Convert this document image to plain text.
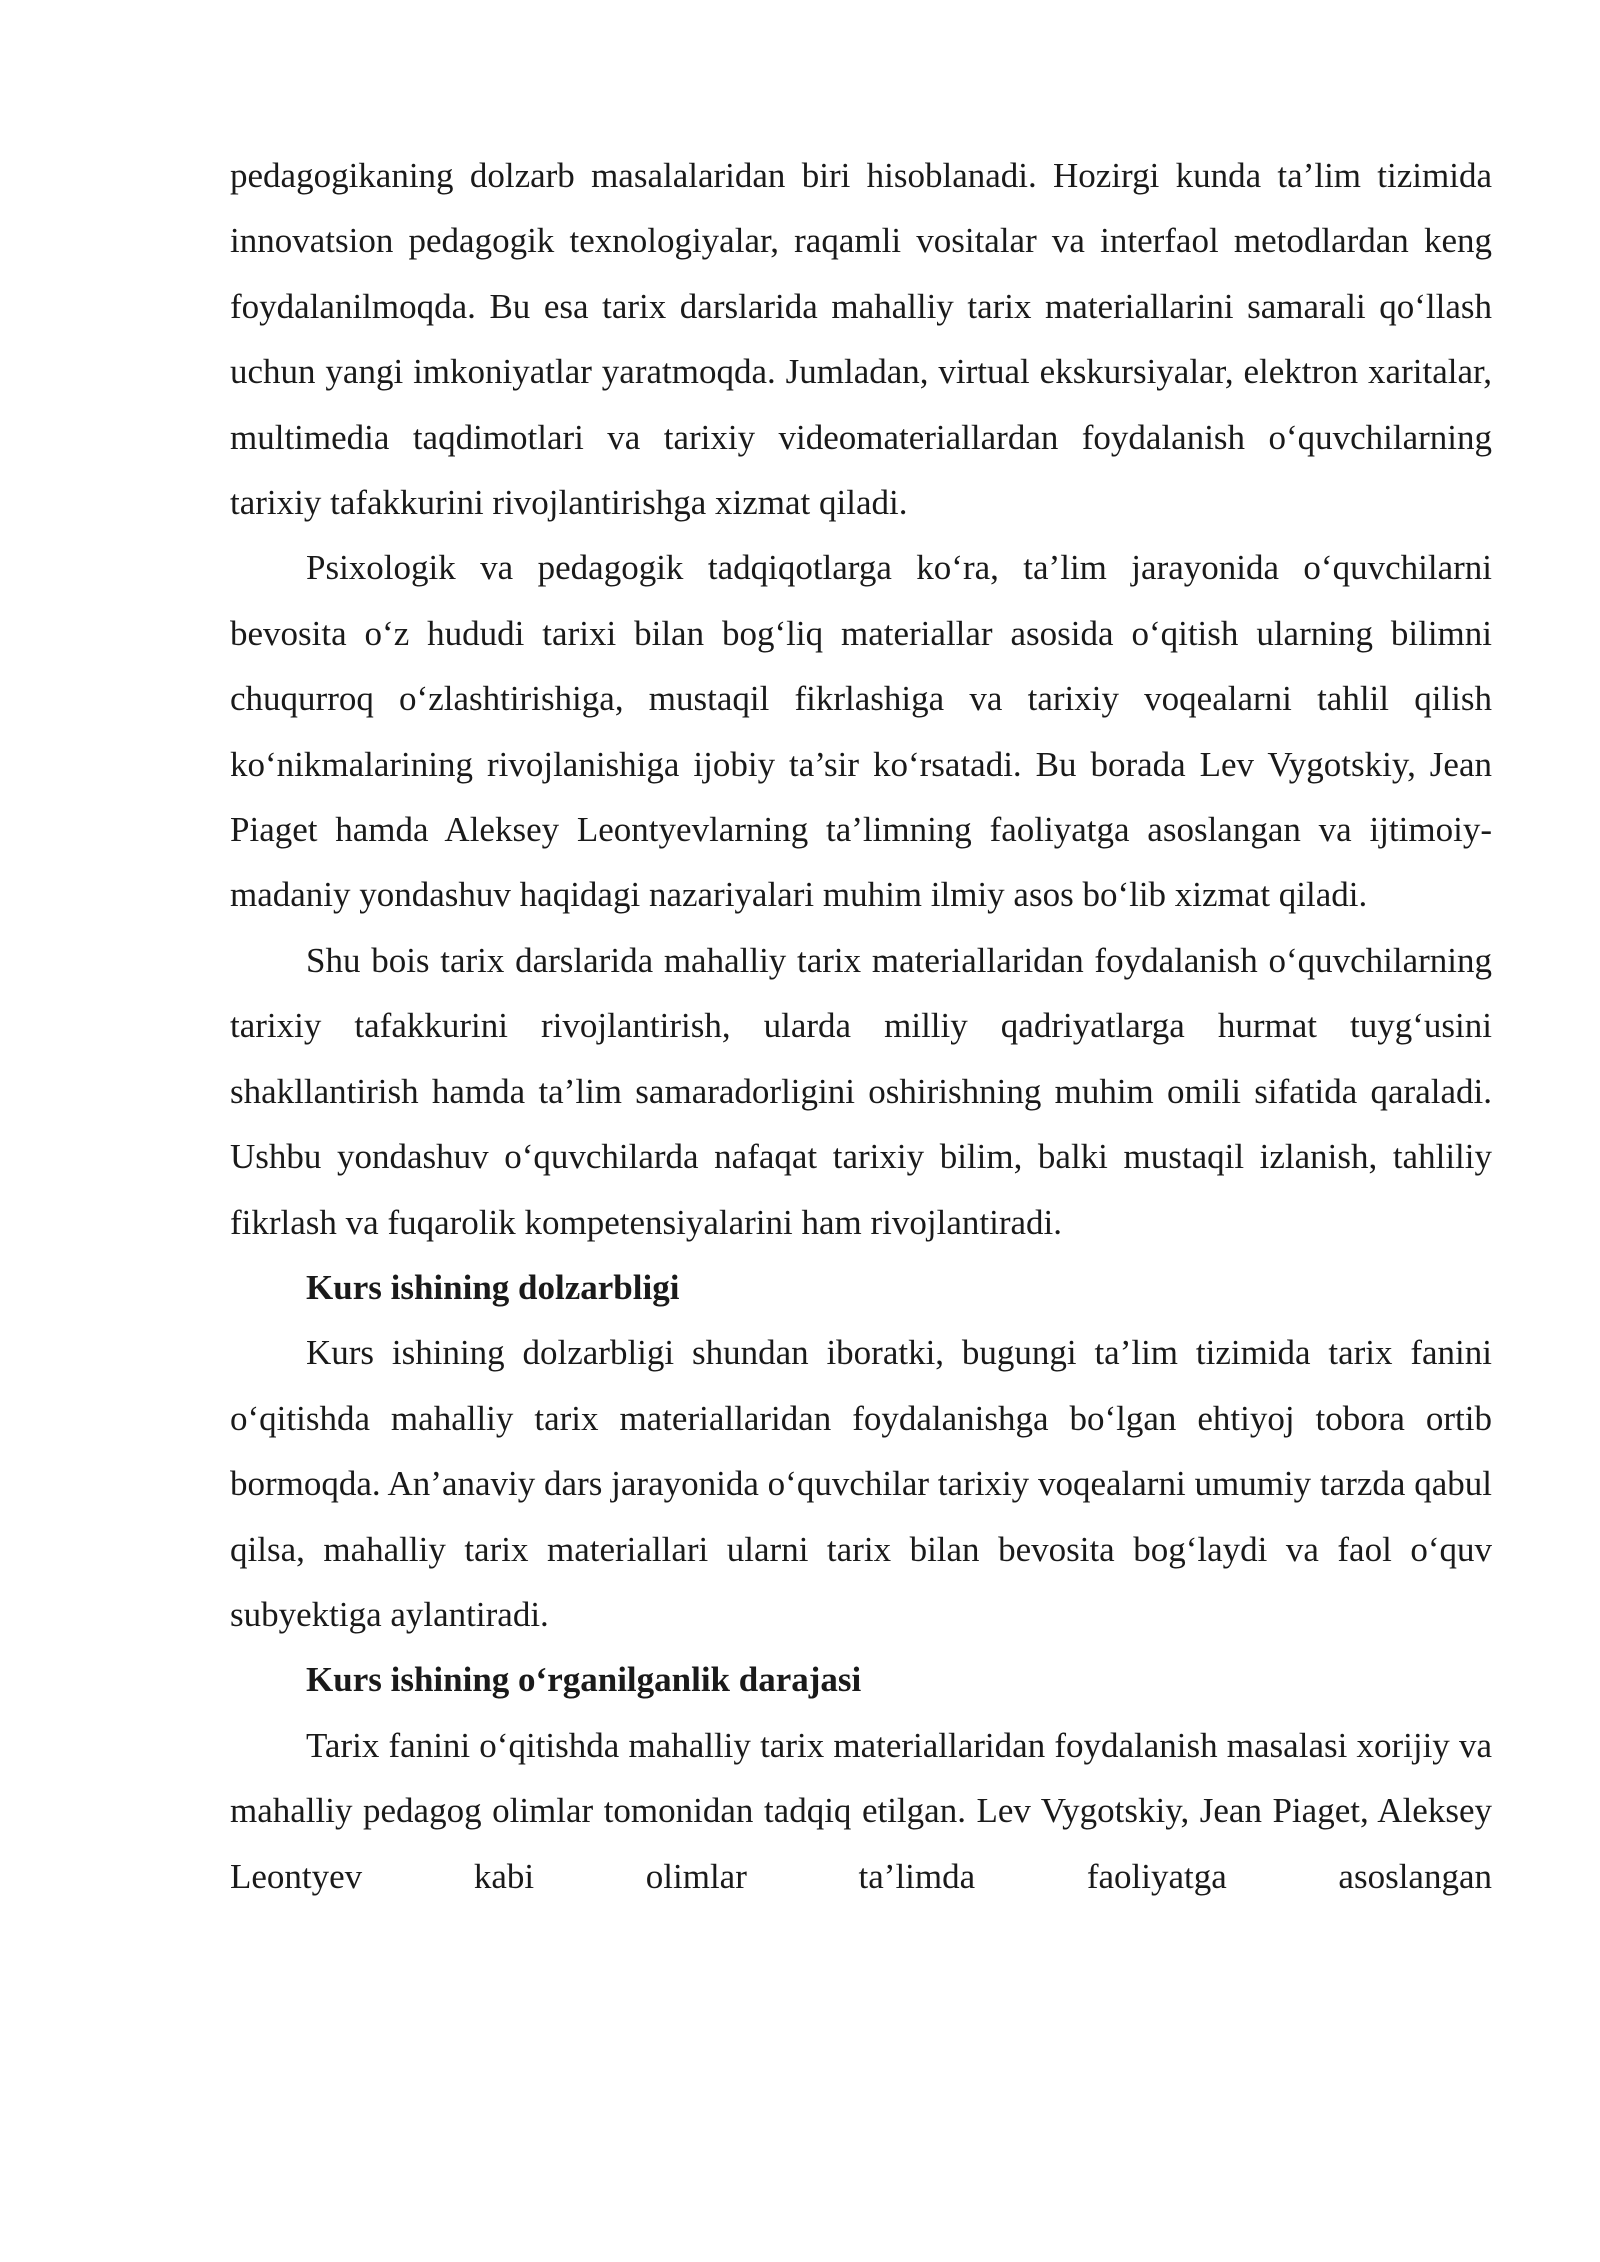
pedagogikaning dolzarb masalalaridan biri hisoblanadi. Hozirgi kunda ta’lim tizimida innovatsion pedagogik texnologiyalar, raqamli vositalar va interfaol metodlardan keng foydalanilmoqda. Bu esa tarix darslarida mahalliy tarix materiallarini samarali qo‘llash uchun yangi imkoniyatlar yaratmoqda. Jumladan, virtual ekskursiyalar, elektron xaritalar, multimedia taqdimotlari va tarixiy videomateriallardan foydalanish o‘quvchilarning tarixiy tafakkurini rivojlantirishga xizmat qiladi.

Psixologik va pedagogik tadqiqotlarga ko‘ra, ta’lim jarayonida o‘quvchilarni bevosita o‘z hududi tarixi bilan bog‘liq materiallar asosida o‘qitish ularning bilimni chuqurroq o‘zlashtirishiga, mustaqil fikrlashiga va tarixiy voqealarni tahlil qilish ko‘nikmalarining rivojlanishiga ijobiy ta’sir ko‘rsatadi. Bu borada Lev Vygotskiy, Jean Piaget hamda Aleksey Leontyevlarning ta’limning faoliyatga asoslangan va ijtimoiy-madaniy yondashuv haqidagi nazariyalari muhim ilmiy asos bo‘lib xizmat qiladi.

Shu bois tarix darslarida mahalliy tarix materiallaridan foydalanish o‘quvchilarning tarixiy tafakkurini rivojlantirish, ularda milliy qadriyatlarga hurmat tuyg‘usini shakllantirish hamda ta’lim samaradorligini oshirishning muhim omili sifatida qaraladi. Ushbu yondashuv o‘quvchilarda nafaqat tarixiy bilim, balki mustaqil izlanish, tahliliy fikrlash va fuqarolik kompetensiyalarini ham rivojlantiradi.

Kurs ishining dolzarbligi

Kurs ishining dolzarbligi shundan iboratki, bugungi ta’lim tizimida tarix fanini o‘qitishda mahalliy tarix materiallaridan foydalanishga bo‘lgan ehtiyoj tobora ortib bormoqda. An’anaviy dars jarayonida o‘quvchilar tarixiy voqealarni umumiy tarzda qabul qilsa, mahalliy tarix materiallari ularni tarix bilan bevosita bog‘laydi va faol o‘quv subyektiga aylantiradi.

Kurs ishining o‘rganilganlik darajasi

Tarix fanini o‘qitishda mahalliy tarix materiallaridan foydalanish masalasi xorijiy va mahalliy pedagog olimlar tomonidan tadqiq etilgan. Lev Vygotskiy, Jean Piaget, Aleksey Leontyev kabi olimlar ta’limda faoliyatga asoslangan
